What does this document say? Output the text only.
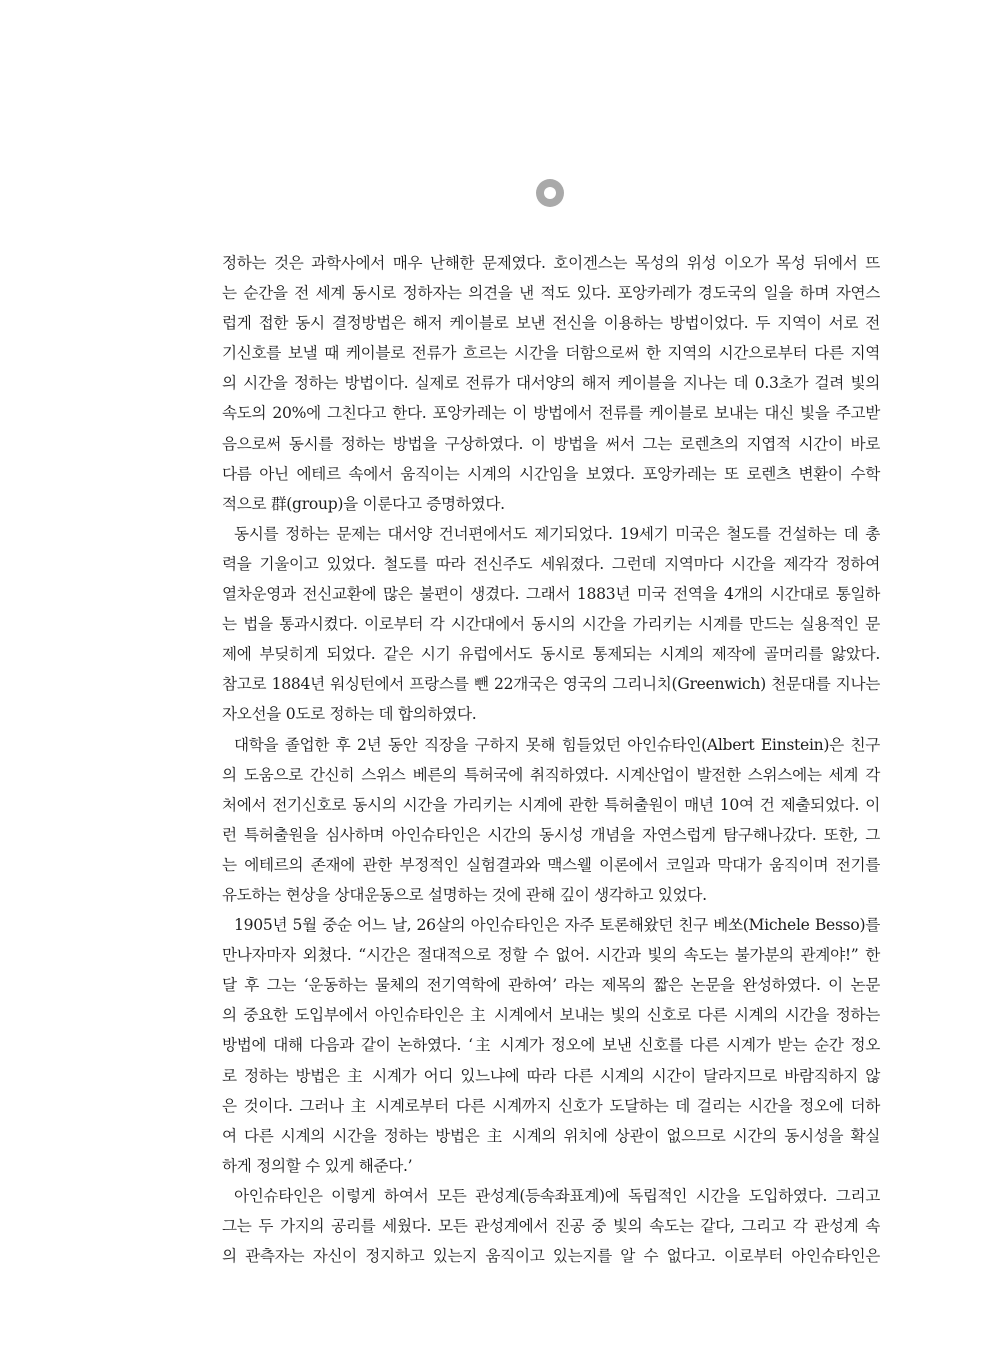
정하는 것은 과학사에서 매우 난해한 문제였다. 호이겐스는 목성의 위성 이오가 목성 뒤에서 뜨
는 순간을 전 세계 동시로 정하자는 의견을 낸 적도 있다. 포앙카레가 경도국의 일을 하며 자연스
럽게 접한 동시 결정방법은 해저 케이블로 보낸 전신을 이용하는 방법이었다. 두 지역이 서로 전
기신호를 보낼 때 케이블로 전류가 흐르는 시간을 더함으로써 한 지역의 시간으로부터 다른 지역
의 시간을 정하는 방법이다. 실제로 전류가 대서양의 해저 케이블을 지나는 데 0.3초가 걸려 빛의
속도의 20%에 그친다고 한다. 포앙카레는 이 방법에서 전류를 케이블로 보내는 대신 빛을 주고받
음으로써 동시를 정하는 방법을 구상하였다. 이 방법을 써서 그는 로렌츠의 지엽적 시간이 바로
다름 아닌 에테르 속에서 움직이는 시계의 시간임을 보였다. 포앙카레는 또 로렌츠 변환이 수학
적으로 群(group)을 이룬다고 증명하였다.
동시를 정하는 문제는 대서양 건너편에서도 제기되었다. 19세기 미국은 철도를 건설하는 데 총
력을 기울이고 있었다. 철도를 따라 전신주도 세워졌다. 그런데 지역마다 시간을 제각각 정하여
열차운영과 전신교환에 많은 불편이 생겼다. 그래서 1883년 미국 전역을 4개의 시간대로 통일하
는 법을 통과시켰다. 이로부터 각 시간대에서 동시의 시간을 가리키는 시계를 만드는 실용적인 문
제에 부딪히게 되었다. 같은 시기 유럽에서도 동시로 통제되는 시계의 제작에 골머리를 앓았다.
참고로 1884년 워싱턴에서 프랑스를 뺀 22개국은 영국의 그리니치(Greenwich) 천문대를 지나는
자오선을 0도로 정하는 데 합의하였다.
대학을 졸업한 후 2년 동안 직장을 구하지 못해 힘들었던 아인슈타인(Albert Einstein)은 친구
의 도움으로 간신히 스위스 베른의 특허국에 취직하였다. 시계산업이 발전한 스위스에는 세계 각
처에서 전기신호로 동시의 시간을 가리키는 시계에 관한 특허출원이 매년 10여 건 제출되었다. 이
런 특허출원을 심사하며 아인슈타인은 시간의 동시성 개념을 자연스럽게 탐구해나갔다. 또한, 그
는 에테르의 존재에 관한 부정적인 실험결과와 맥스웰 이론에서 코일과 막대가 움직이며 전기를
유도하는 현상을 상대운동으로 설명하는 것에 관해 깊이 생각하고 있었다.
1905년 5월 중순 어느 날, 26살의 아인슈타인은 자주 토론해왔던 친구 베쏘(Michele Besso)를
만나자마자 외쳤다. “시간은 절대적으로 정할 수 없어. 시간과 빛의 속도는 불가분의 관계야!” 한
달 후 그는 ‘운동하는 물체의 전기역학에 관하여’ 라는 제목의 짧은 논문을 완성하였다. 이 논문
의 중요한 도입부에서 아인슈타인은 主 시계에서 보내는 빛의 신호로 다른 시계의 시간을 정하는
방법에 대해 다음과 같이 논하였다. ‘主 시계가 정오에 보낸 신호를 다른 시계가 받는 순간 정오
로 정하는 방법은 主 시계가 어디 있느냐에 따라 다른 시계의 시간이 달라지므로 바람직하지 않
은 것이다. 그러나 主 시계로부터 다른 시계까지 신호가 도달하는 데 걸리는 시간을 정오에 더하
여 다른 시계의 시간을 정하는 방법은 主 시계의 위치에 상관이 없으므로 시간의 동시성을 확실
하게 정의할 수 있게 해준다.’
아인슈타인은 이렇게 하여서 모든 관성계(등속좌표계)에 독립적인 시간을 도입하였다. 그리고
그는 두 가지의 공리를 세웠다. 모든 관성계에서 진공 중 빛의 속도는 같다, 그리고 각 관성계 속
의 관측자는 자신이 정지하고 있는지 움직이고 있는지를 알 수 없다고. 이로부터 아인슈타인은
